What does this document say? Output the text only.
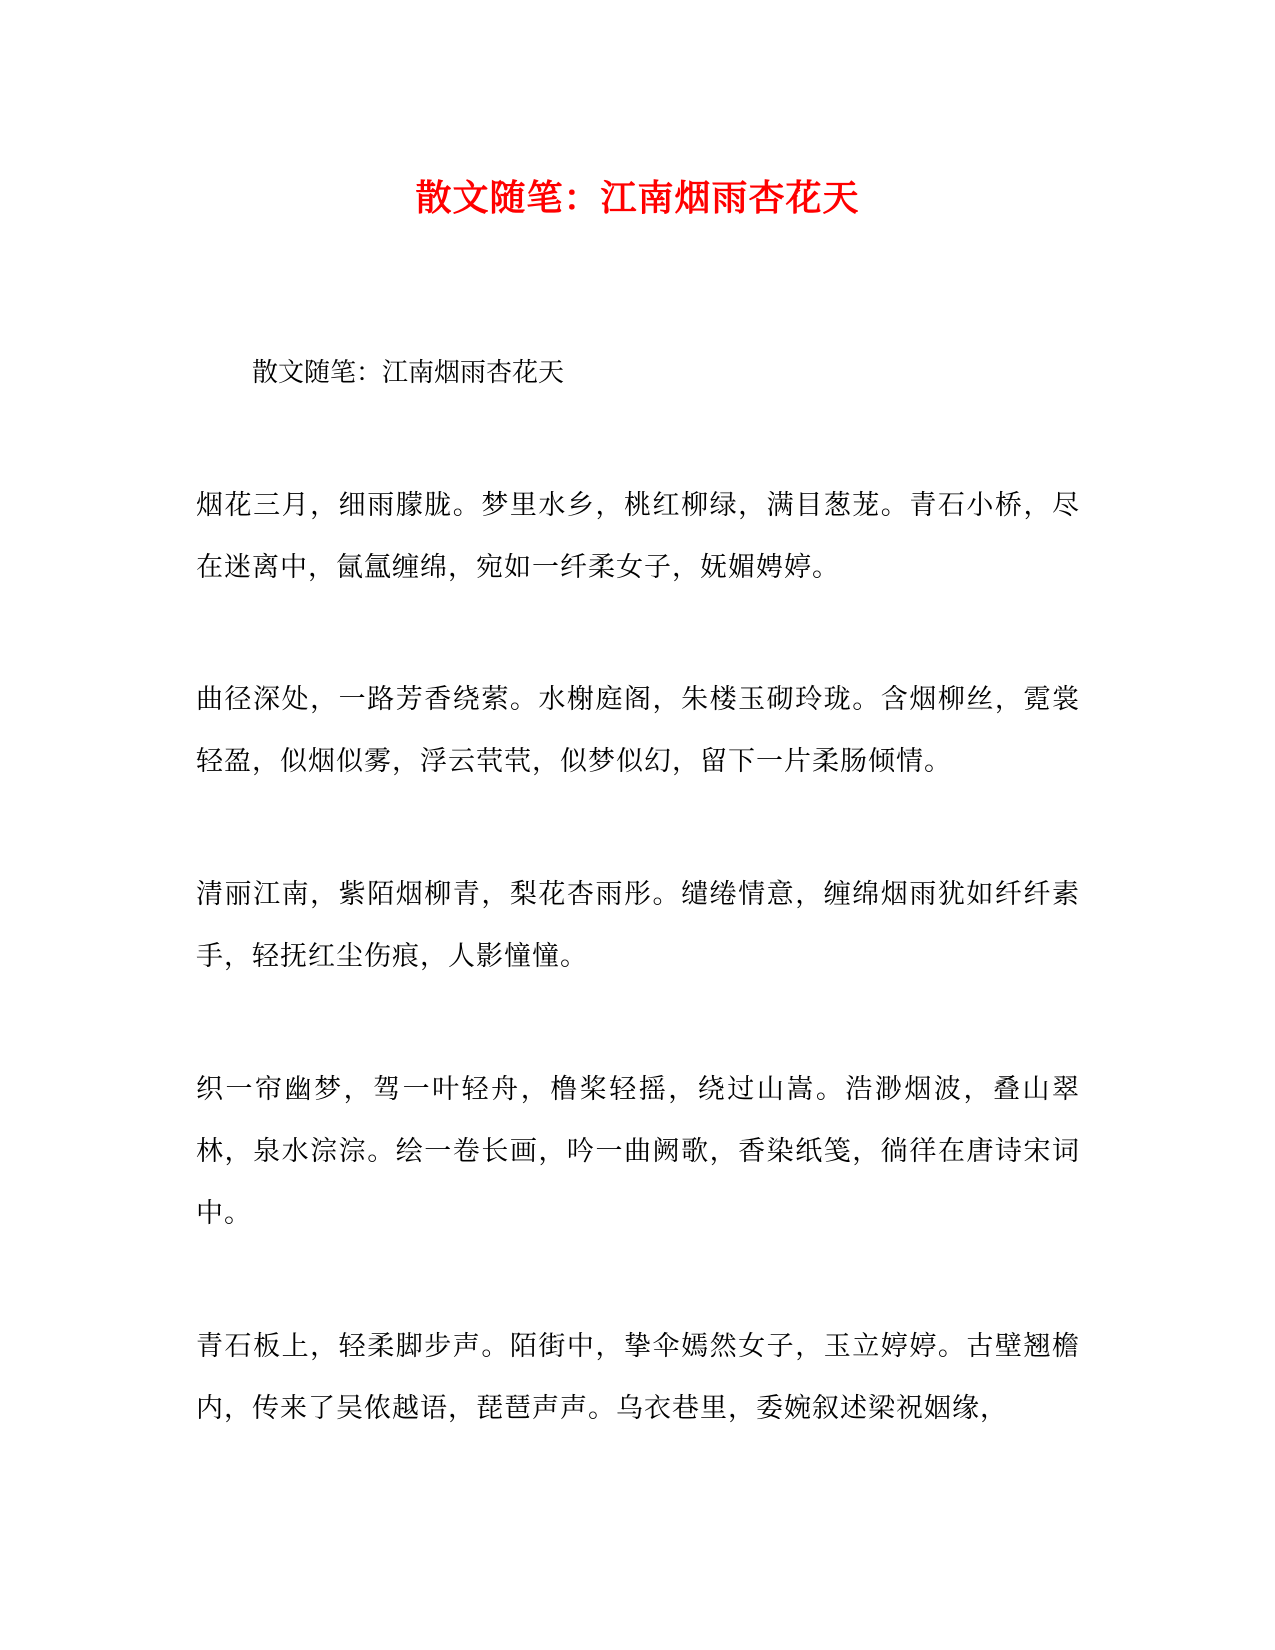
散文随笔：江南烟雨杏花天
散文随笔：江南烟雨杏花天
烟花三月，细雨朦胧。梦里水乡，桃红柳绿，满目葱茏。青石小桥，尽在迷离中，氤氲缠绵，宛如一纤柔女子，妩媚娉婷。
曲径深处，一路芳香绕萦。水榭庭阁，朱楼玉砌玲珑。含烟柳丝，霓裳轻盈，似烟似雾，浮云茕茕，似梦似幻，留下一片柔肠倾情。
清丽江南，紫陌烟柳青，梨花杏雨彤。缱绻情意，缠绵烟雨犹如纤纤素手，轻抚红尘伤痕，人影憧憧。
织一帘幽梦，驾一叶轻舟，橹桨轻摇，绕过山嵩。浩渺烟波，叠山翠林，泉水淙淙。绘一卷长画，吟一曲阙歌，香染纸笺，徜徉在唐诗宋词中。
青石板上，轻柔脚步声。陌街中，挚伞嫣然女子，玉立婷婷。古壁翘檐内，传来了吴侬越语，琵琶声声。乌衣巷里，委婉叙述梁祝姻缘，
